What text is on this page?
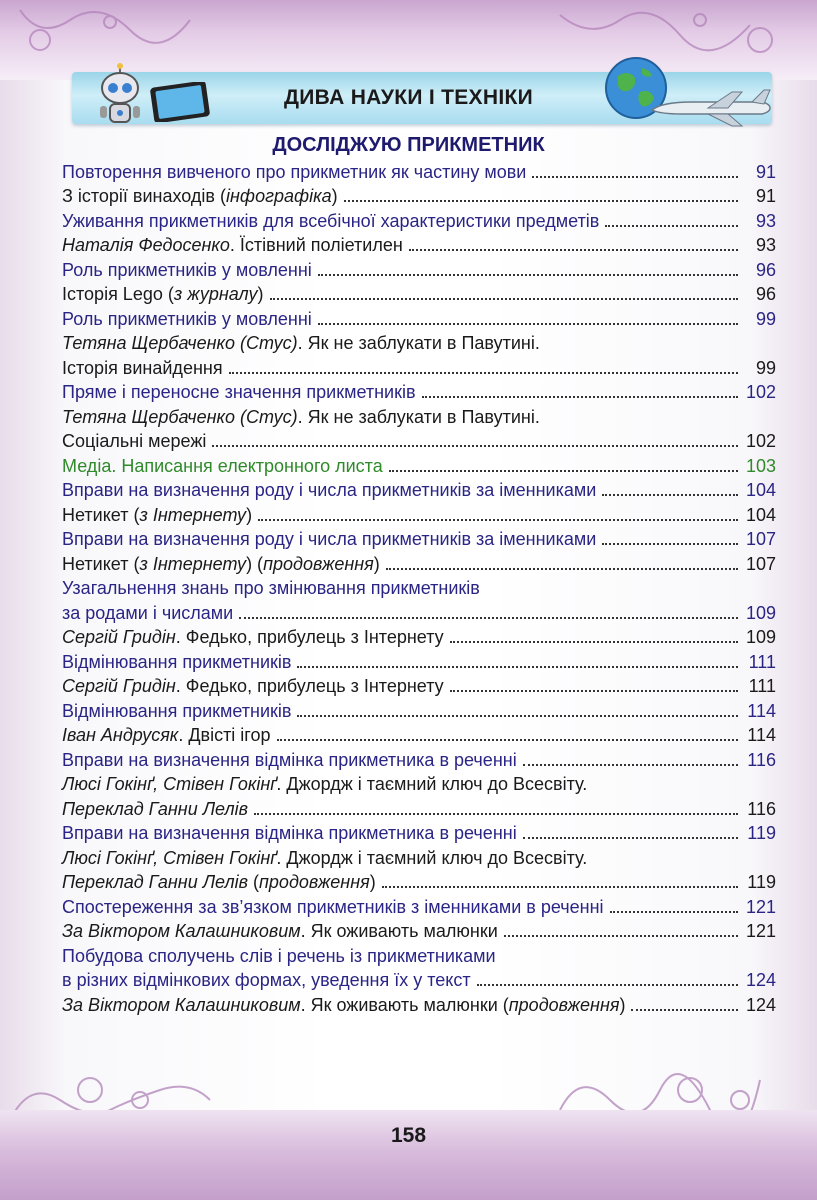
ДИВА НАУКИ І ТЕХНІКИ
ДОСЛІДЖУЮ ПРИКМЕТНИК
Повторення вивченого про прикметник як частину мови	91
З історії винаходів (інфографіка)	91
Уживання прикметників для всебічної характеристики предметів	93
Наталія Федосенко. Їстівний поліетилен	93
Роль прикметників у мовленні	96
Історія Lego (з журналу)	96
Роль прикметників у мовленні	99
Тетяна Щербаченко (Стус). Як не заблукати в Павутині.
Історія винайдення	99
Пряме і переносне значення прикметників	102
Тетяна Щербаченко (Стус). Як не заблукати в Павутині.
Соціальні мережі	102
Медіа. Написання електронного листа	103
Вправи на визначення роду і числа прикметників за іменниками	104
Нетикет (з Інтернету)	104
Вправи на визначення роду і числа прикметників за іменниками	107
Нетикет (з Інтернету) (продовження)	107
Узагальнення знань про змінювання прикметників
за родами і числами	109
Сергій Гридін. Федько, прибулець з Інтернету	109
Відмінювання прикметників	111
Сергій Гридін. Федько, прибулець з Інтернету	111
Відмінювання прикметників	114
Іван Андрусяк. Двісті ігор	114
Вправи на визначення відмінка прикметника в реченні	116
Люсі Гокінґ, Стівен Гокінґ. Джордж і таємний ключ до Всесвіту.
Переклад Ганни Лелів	116
Вправи на визначення відмінка прикметника в реченні	119
Люсі Гокінґ, Стівен Гокінґ. Джордж і таємний ключ до Всесвіту.
Переклад Ганни Лелів (продовження)	119
Спостереження за зв’язком прикметників з іменниками в реченні	121
За Віктором Калашниковим. Як оживають малюнки	121
Побудова сполучень слів і речень із прикметниками
в різних відмінкових формах, уведення їх у текст	124
За Віктором Калашниковим. Як оживають малюнки (продовження)	124
158
